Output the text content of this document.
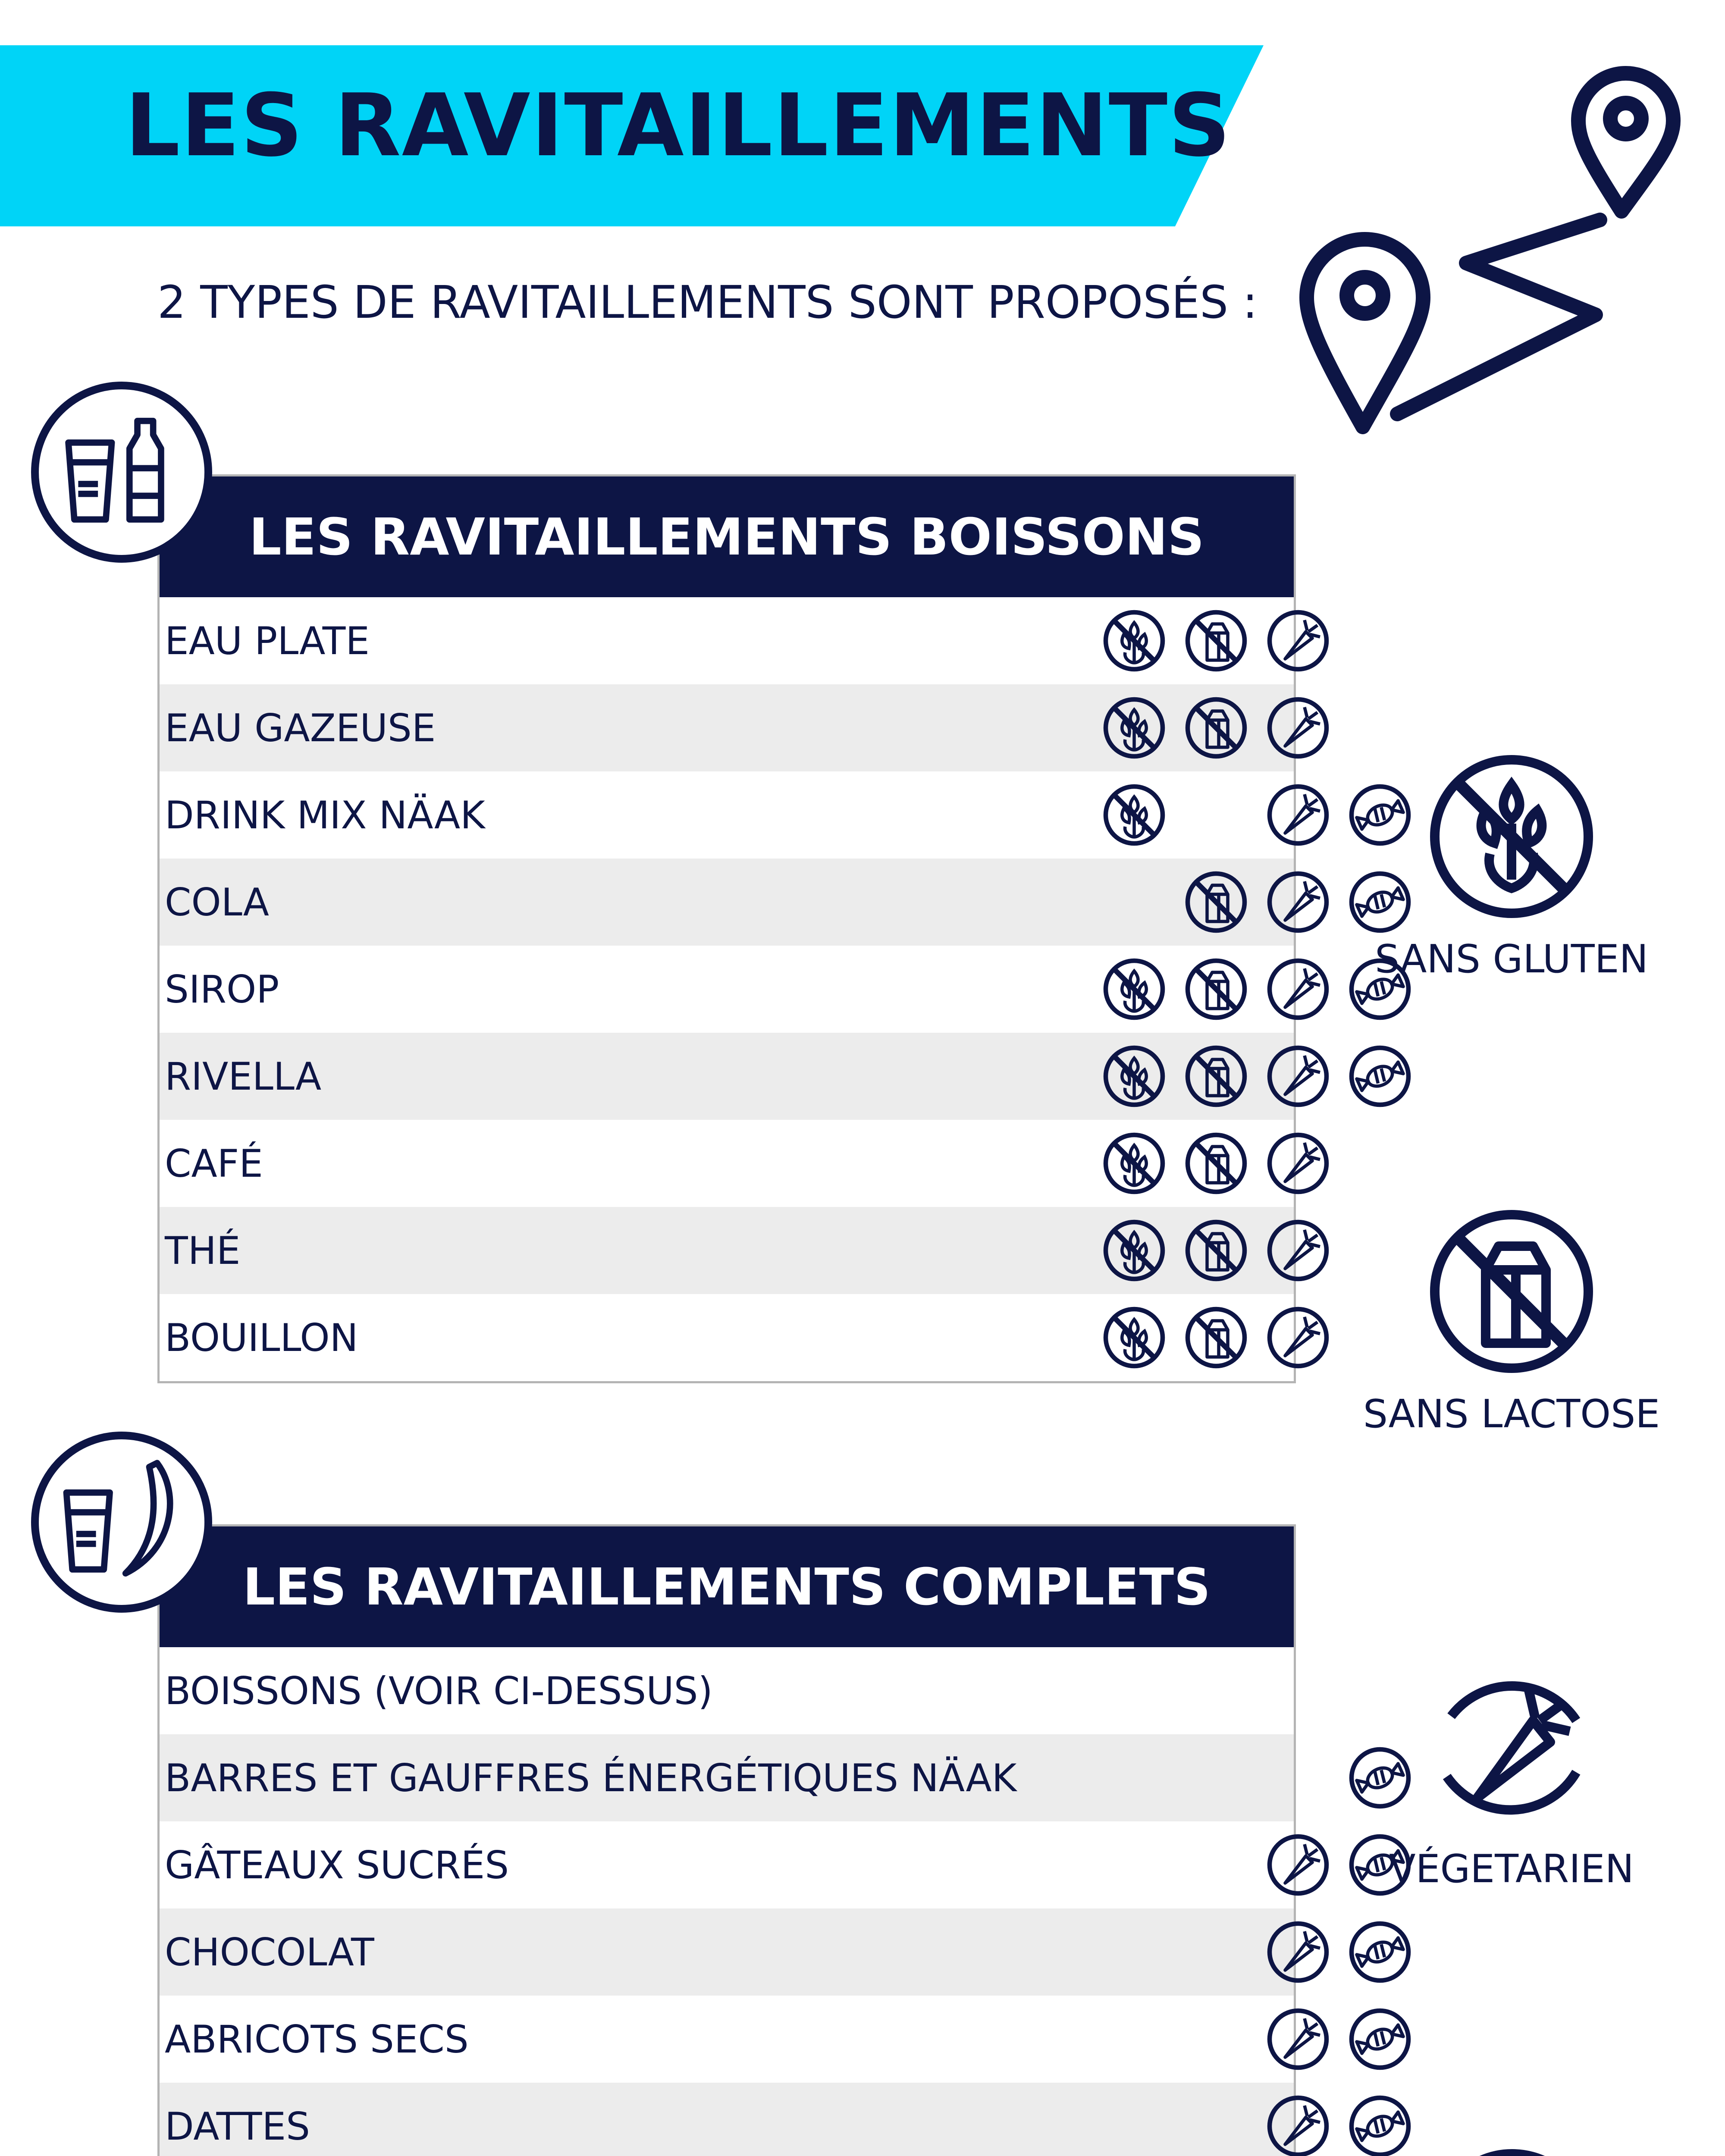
LES RAVITAILLEMENTS
2 TYPES DE RAVITAILLEMENTS SONT PROPOSÉS :
LES RAVITAILLEMENTS BOISSONS
EAU PLATE
EAU GAZEUSE
DRINK MIX NÄAK
COLA
SIROP
RIVELLA
CAFÉ
THÉ
BOUILLON
LES RAVITAILLEMENTS COMPLETS
BOISSONS (VOIR CI-DESSUS)
BARRES ET GAUFFRES ÉNERGÉTIQUES NÄAK
GÂTEAUX SUCRÉS
CHOCOLAT
ABRICOTS SECS
DATTES
SANS GLUTEN
SANS LACTOSE
VÉGETARIEN
